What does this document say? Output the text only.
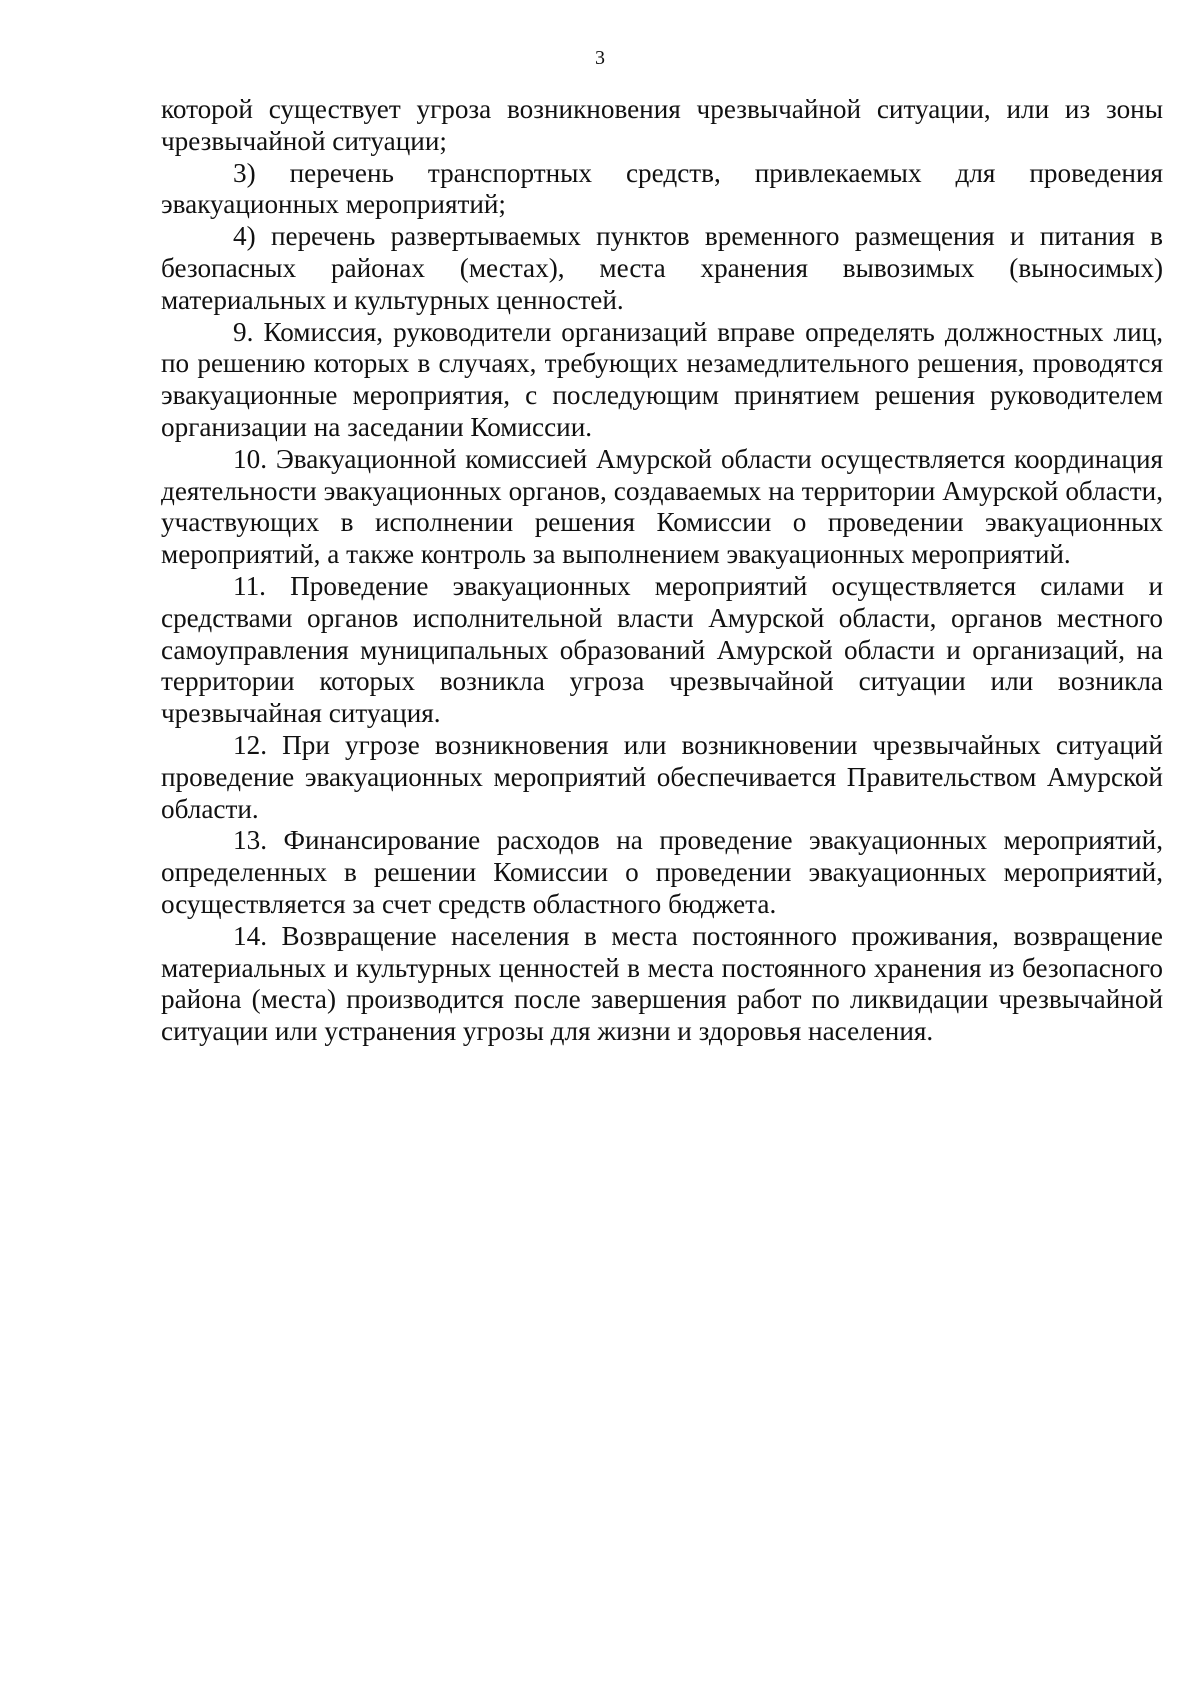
3

которой существует угроза возникновения чрезвычайной ситуации, или из зоны чрезвычайной ситуации;

3) перечень транспортных средств, привлекаемых для проведения эвакуационных мероприятий;

4) перечень развертываемых пунктов временного размещения и питания в безопасных районах (местах), места хранения вывозимых (выносимых) материальных и культурных ценностей.

9. Комиссия, руководители организаций вправе определять должностных лиц, по решению которых в случаях, требующих незамедлительного решения, проводятся эвакуационные мероприятия, с последующим принятием решения руководителем организации на заседании Комиссии.

10. Эвакуационной комиссией Амурской области осуществляется координация деятельности эвакуационных органов, создаваемых на территории Амурской области, участвующих в исполнении решения Комиссии о проведении эвакуационных мероприятий, а также контроль за выполнением эвакуационных мероприятий.

11. Проведение эвакуационных мероприятий осуществляется силами и средствами органов исполнительной власти Амурской области, органов местного самоуправления муниципальных образований Амурской области и организаций, на территории которых возникла угроза чрезвычайной ситуации или возникла чрезвычайная ситуация.

12. При угрозе возникновения или возникновении чрезвычайных ситуаций проведение эвакуационных мероприятий обеспечивается Правительством Амурской области.

13. Финансирование расходов на проведение эвакуационных мероприятий, определенных в решении Комиссии о проведении эвакуационных мероприятий, осуществляется за счет средств областного бюджета.

14. Возвращение населения в места постоянного проживания, возвращение материальных и культурных ценностей в места постоянного хранения из безопасного района (места) производится после завершения работ по ликвидации чрезвычайной ситуации или устранения угрозы для жизни и здоровья населения.
